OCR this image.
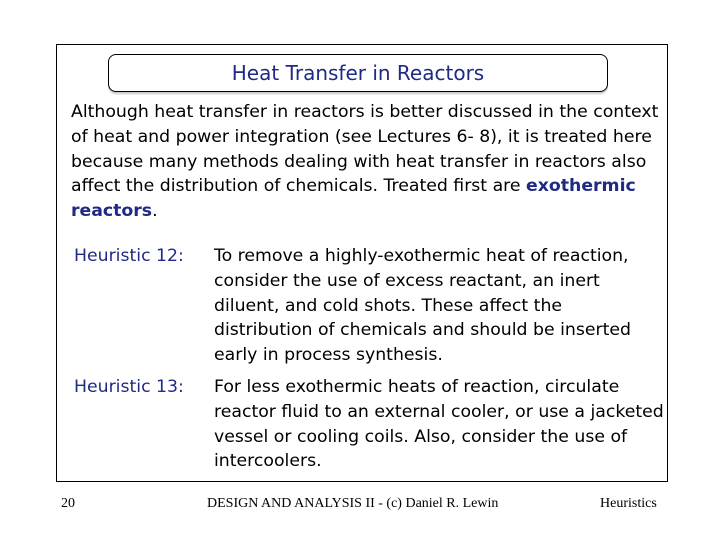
Heat Transfer in Reactors

Although heat transfer in reactors is better discussed in the context of heat and power integration (see Lectures 6- 8), it is treated here because many methods dealing with heat transfer in reactors also affect the distribution of chemicals. Treated first are exothermic reactors.

Heuristic 12: To remove a highly-exothermic heat of reaction, consider the use of excess reactant, an inert diluent, and cold shots. These affect the distribution of chemicals and should be inserted early in process synthesis.
Heuristic 13: For less exothermic heats of reaction, circulate reactor fluid to an external cooler, or use a jacketed vessel or cooling coils. Also, consider the use of intercoolers.
20	DESIGN AND ANALYSIS II - (c) Daniel R. Lewin	Heuristics
